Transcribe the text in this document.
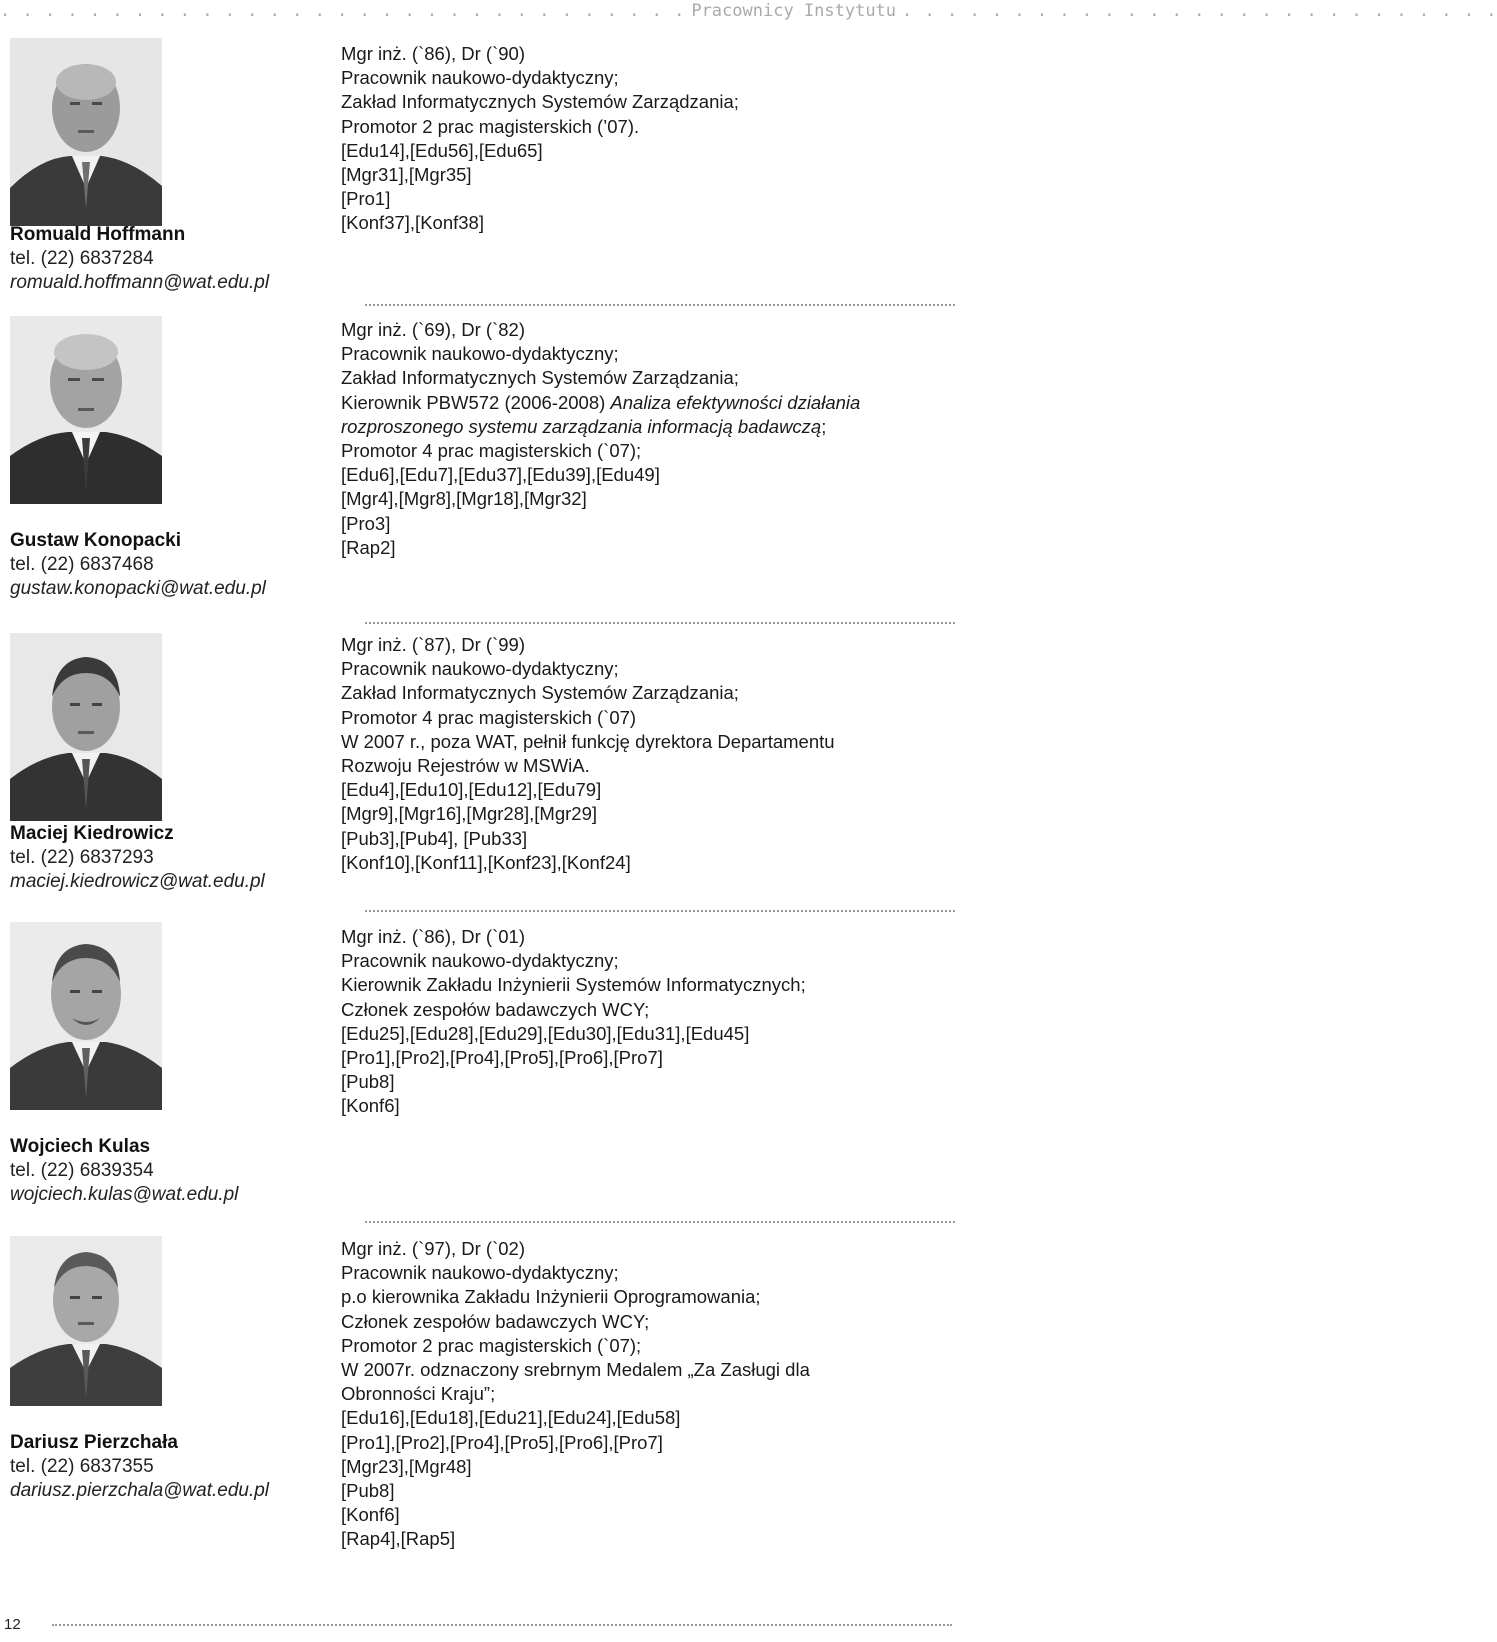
. . . . . . . . . . . . . . . . . . . . . . . . . . . . . . . Pracownicy Instytutu . . . . . . . . . . . . . . . . . . . . . . . . . . .
Romuald Hoffmann
tel. (22) 6837284
romuald.hoffmann@wat.edu.pl
Mgr inż. (`86), Dr (`90)
Pracownik naukowo-dydaktyczny;
Zakład Informatycznych Systemów Zarządzania;
Promotor 2 prac magisterskich (’07).
[Edu14],[Edu56],[Edu65]
[Mgr31],[Mgr35]
[Pro1]
[Konf37],[Konf38]
Gustaw Konopacki
tel. (22) 6837468
gustaw.konopacki@wat.edu.pl
Mgr inż. (`69), Dr (`82)
Pracownik naukowo-dydaktyczny;
Zakład Informatycznych Systemów Zarządzania;
Kierownik PBW572 (2006-2008) Analiza efektywności działania
rozproszonego systemu zarządzania informacją badawczą;
Promotor 4 prac magisterskich (`07);
[Edu6],[Edu7],[Edu37],[Edu39],[Edu49]
[Mgr4],[Mgr8],[Mgr18],[Mgr32]
[Pro3]
[Rap2]
Maciej Kiedrowicz
tel. (22) 6837293
maciej.kiedrowicz@wat.edu.pl
Mgr inż. (`87), Dr (`99)
Pracownik naukowo-dydaktyczny;
Zakład Informatycznych Systemów Zarządzania;
Promotor 4 prac magisterskich (`07)
W 2007 r., poza WAT, pełnił funkcję dyrektora Departamentu
Rozwoju Rejestrów w MSWiA.
[Edu4],[Edu10],[Edu12],[Edu79]
[Mgr9],[Mgr16],[Mgr28],[Mgr29]
[Pub3],[Pub4], [Pub33]
[Konf10],[Konf11],[Konf23],[Konf24]
Wojciech Kulas
tel. (22) 6839354
wojciech.kulas@wat.edu.pl
Mgr inż. (`86), Dr (`01)
Pracownik naukowo-dydaktyczny;
Kierownik Zakładu Inżynierii Systemów Informatycznych;
Członek zespołów badawczych WCY;
[Edu25],[Edu28],[Edu29],[Edu30],[Edu31],[Edu45]
[Pro1],[Pro2],[Pro4],[Pro5],[Pro6],[Pro7]
[Pub8]
[Konf6]
Dariusz Pierzchała
tel. (22) 6837355
dariusz.pierzchala@wat.edu.pl
Mgr inż. (`97), Dr (`02)
Pracownik naukowo-dydaktyczny;
p.o kierownika Zakładu Inżynierii Oprogramowania;
Członek zespołów badawczych WCY;
Promotor 2 prac magisterskich (`07);
W 2007r. odznaczony srebrnym Medalem „Za Zasługi dla
Obronności Kraju”;
[Edu16],[Edu18],[Edu21],[Edu24],[Edu58]
[Pro1],[Pro2],[Pro4],[Pro5],[Pro6],[Pro7]
[Mgr23],[Mgr48]
[Pub8]
[Konf6]
[Rap4],[Rap5]
12
